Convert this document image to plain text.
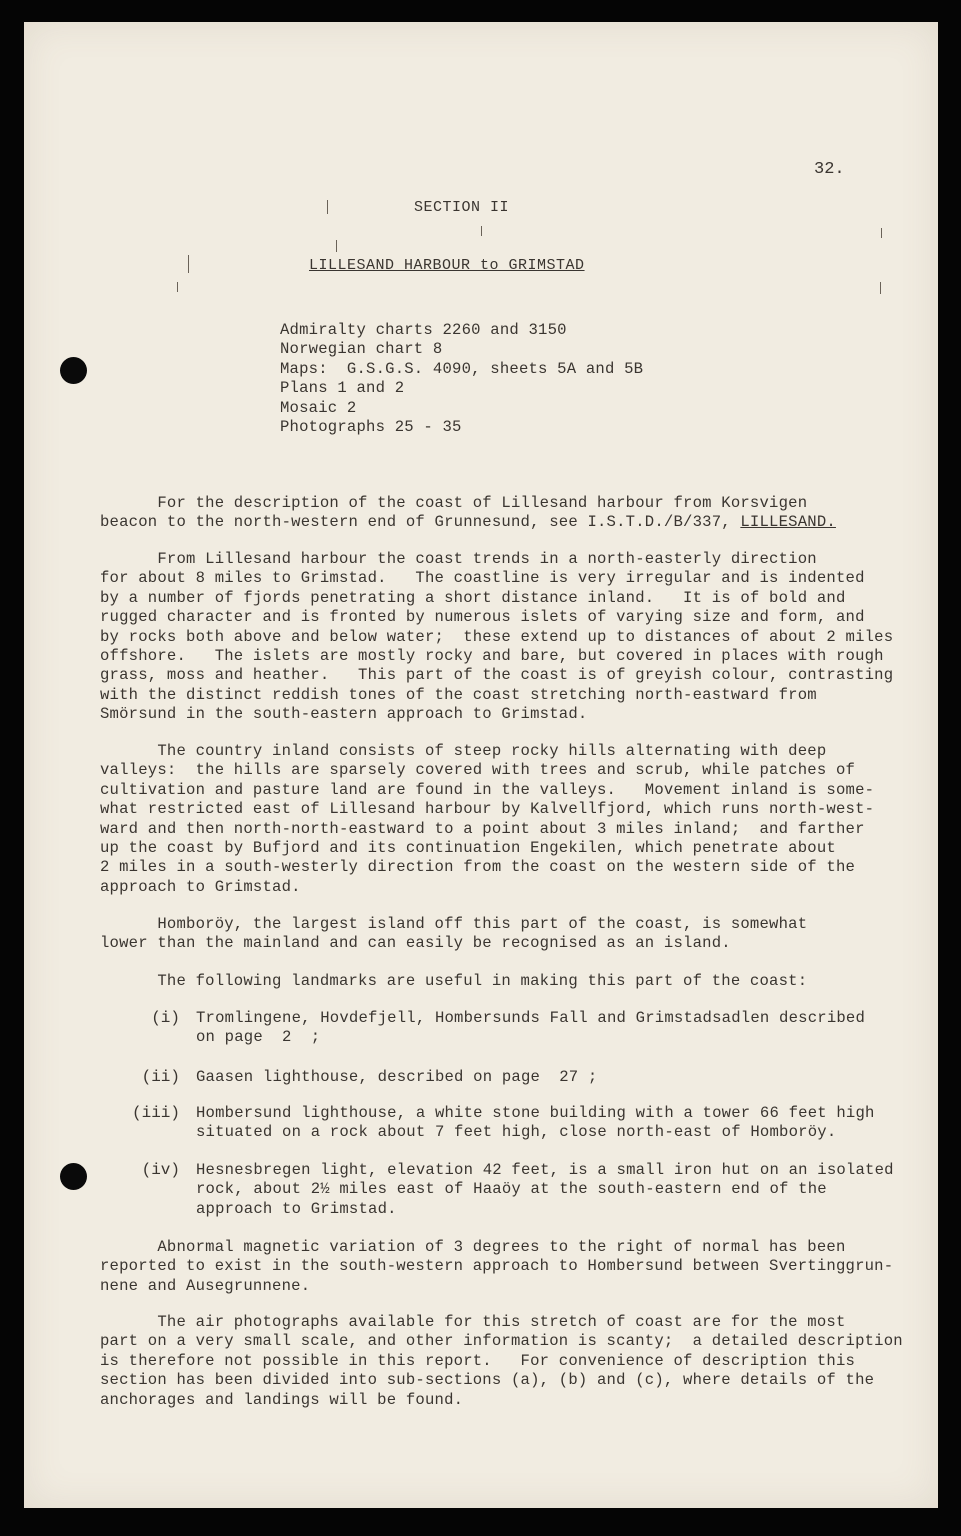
32.
SECTION II
LILLESAND HARBOUR to GRIMSTAD
Admiralty charts 2260 and 3150
Norwegian chart 8
Maps:  G.S.G.S. 4090, sheets 5A and 5B
Plans 1 and 2
Mosaic 2
Photographs 25 - 35
For the description of the coast of Lillesand harbour from Korsvigen
beacon to the north-western end of Grunnesund, see I.S.T.D./B/337, LILLESAND.
From Lillesand harbour the coast trends in a north-easterly direction
for about 8 miles to Grimstad.   The coastline is very irregular and is indented
by a number of fjords penetrating a short distance inland.   It is of bold and
rugged character and is fronted by numerous islets of varying size and form, and
by rocks both above and below water;  these extend up to distances of about 2 miles
offshore.   The islets are mostly rocky and bare, but covered in places with rough
grass, moss and heather.   This part of the coast is of greyish colour, contrasting
with the distinct reddish tones of the coast stretching north-eastward from
Smörsund in the south-eastern approach to Grimstad.
The country inland consists of steep rocky hills alternating with deep
valleys:  the hills are sparsely covered with trees and scrub, while patches of
cultivation and pasture land are found in the valleys.   Movement inland is some-
what restricted east of Lillesand harbour by Kalvellfjord, which runs north-west-
ward and then north-north-eastward to a point about 3 miles inland;  and farther
up the coast by Bufjord and its continuation Engekilen, which penetrate about
2 miles in a south-westerly direction from the coast on the western side of the
approach to Grimstad.
Homboröy, the largest island off this part of the coast, is somewhat
lower than the mainland and can easily be recognised as an island.
The following landmarks are useful in making this part of the coast:
(i) Tromlingene, Hovdefjell, Hombersunds Fall and Grimstadsadlen described
on page  2  ;
(ii) Gaasen lighthouse, described on page  27 ;
(iii) Hombersund lighthouse, a white stone building with a tower 66 feet high
situated on a rock about 7 feet high, close north-east of Homboröy.
(iv) Hesnesbregen light, elevation 42 feet, is a small iron hut on an isolated
rock, about 2½ miles east of Haaöy at the south-eastern end of the
approach to Grimstad.
Abnormal magnetic variation of 3 degrees to the right of normal has been
reported to exist in the south-western approach to Hombersund between Svertinggrun-
nene and Ausegrunnene.
The air photographs available for this stretch of coast are for the most
part on a very small scale, and other information is scanty;  a detailed description
is therefore not possible in this report.   For convenience of description this
section has been divided into sub-sections (a), (b) and (c), where details of the
anchorages and landings will be found.
